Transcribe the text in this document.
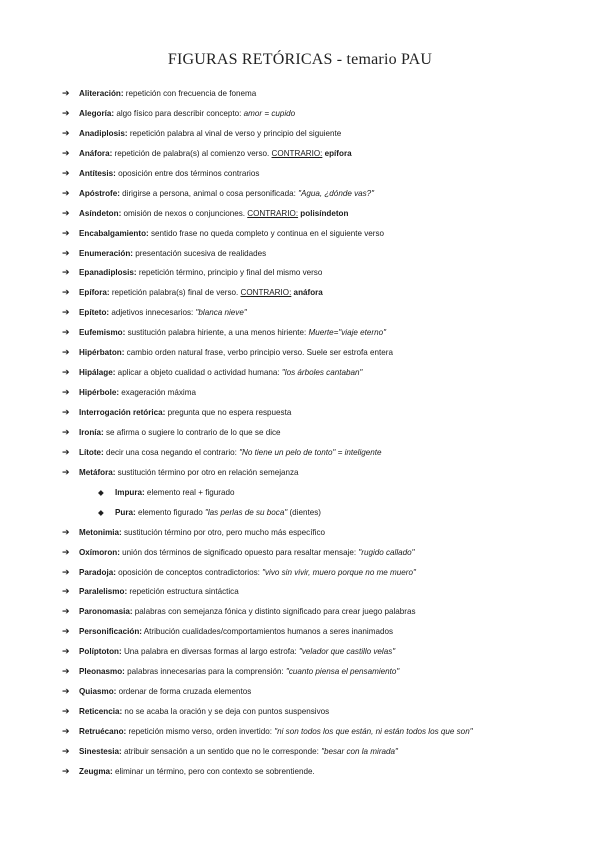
FIGURAS RETÓRICAS - temario PAU
➔ Aliteración: repetición con frecuencia de fonema
➔ Alegoría: algo físico para describir concepto: amor = cupido
➔ Anadiplosis: repetición palabra al vinal de verso y principio del siguiente
➔ Anáfora: repetición de palabra(s) al comienzo verso. CONTRARIO: epífora
➔ Antítesis: oposición entre dos términos contrarios
➔ Apóstrofe: dirigirse a persona, animal o cosa personificada: "Agua, ¿dónde vas?"
➔ Asíndeton: omisión de nexos o conjunciones. CONTRARIO: polisíndeton
➔ Encabalgamiento: sentido frase no queda completo y continua en el siguiente verso
➔ Enumeración: presentación sucesiva de realidades
➔ Epanadiplosis: repetición término, principio y final del mismo verso
➔ Epífora: repetición palabra(s) final de verso. CONTRARIO: anáfora
➔ Epíteto: adjetivos innecesarios: "blanca nieve"
➔ Eufemismo: sustitución palabra hiriente, a una menos hiriente: Muerte="viaje eterno"
➔ Hipérbaton: cambio orden natural frase, verbo principio verso. Suele ser estrofa entera
➔ Hipálage: aplicar a objeto cualidad o actividad humana: "los árboles cantaban"
➔ Hipérbole: exageración máxima
➔ Interrogación retórica: pregunta que no espera respuesta
➔ Ironía: se afirma o sugiere lo contrario de lo que se dice
➔ Lítote: decir una cosa negando el contrario: "No tiene un pelo de tonto" = inteligente
➔ Metáfora: sustitución término por otro en relación semejanza
◆ Impura: elemento real + figurado
◆ Pura: elemento figurado "las perlas de su boca" (dientes)
➔ Metonimia: sustitución término por otro, pero mucho más específico
➔ Oxímoron: unión dos términos de significado opuesto para resaltar mensaje: "rugido callado"
➔ Paradoja: oposición de conceptos contradictorios: "vivo sin vivir, muero porque no me muero"
➔ Paralelismo: repetición estructura sintáctica
➔ Paronomasia: palabras con semejanza fónica y distinto significado para crear juego palabras
➔ Personificación: Atribución cualidades/comportamientos humanos a seres inanimados
➔ Políptoton: Una palabra en diversas formas al largo estrofa: "velador que castillo velas"
➔ Pleonasmo: palabras innecesarias para la comprensión: "cuanto piensa el pensamiento"
➔ Quiasmo: ordenar de forma cruzada elementos
➔ Reticencia: no se acaba la oración y se deja con puntos suspensivos
➔ Retruécano: repetición mismo verso, orden invertido: "ni son todos los que están, ni están todos los que son"
➔ Sinestesia: atribuir sensación a un sentido que no le corresponde: "besar con la mirada"
➔ Zeugma: eliminar un término, pero con contexto se sobrentiende.
